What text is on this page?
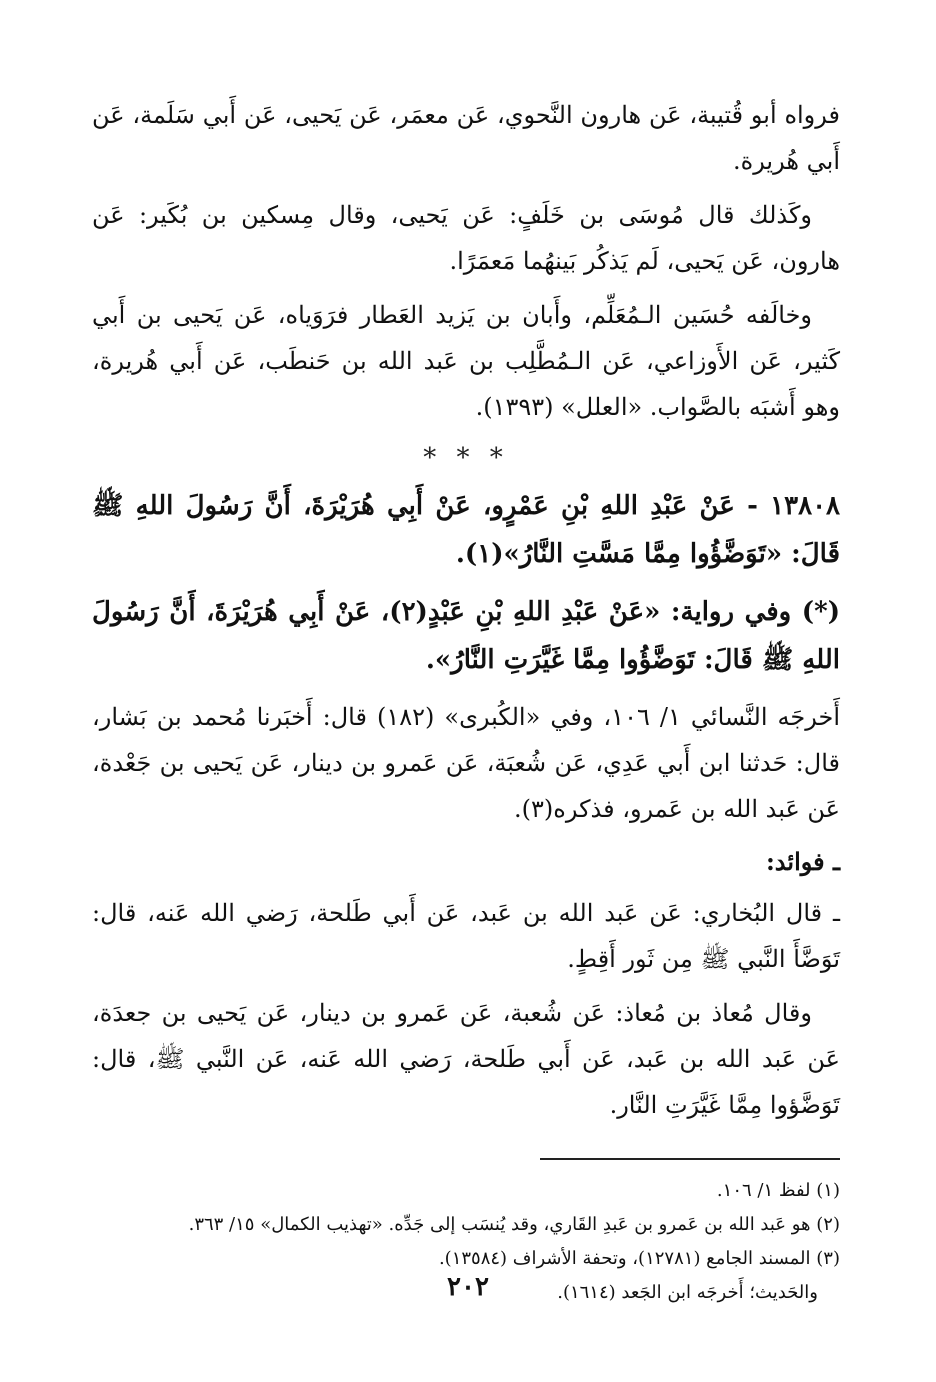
فرواه أبو قُتيبة، عَن هارون النَّحوي، عَن معمَر، عَن يَحيى، عَن أَبي سَلَمة، عَن أَبي هُريرة.

وكَذلك قال مُوسَى بن خَلَفٍ: عَن يَحيى، وقال مِسكين بن بُكَير: عَن هارون، عَن يَحيى، لَم يَذكُر بَينهُما مَعمَرًا.

وخالَفه حُسَين الـمُعَلِّم، وأَبان بن يَزيد العَطار فرَوَياه، عَن يَحيى بن أَبي كَثير، عَن الأَوزاعي، عَن الـمُطَّلِب بن عَبد الله بن حَنطَب، عَن أَبي هُريرة، وهو أَشبَه بالصَّواب. «العلل» (١٣٩٣).

* * *

١٣٨٠٨ - عَنْ عَبْدِ اللهِ بْنِ عَمْرٍو، عَنْ أَبِي هُرَيْرَةَ، أَنَّ رَسُولَ اللهِ ﷺ قَالَ: «تَوَضَّؤُوا مِمَّا مَسَّتِ النَّارُ»(١).

(*) وفي رواية: «عَنْ عَبْدِ اللهِ بْنِ عَبْدٍ(٢)، عَنْ أَبِي هُرَيْرَةَ، أَنَّ رَسُولَ اللهِ ﷺ قَالَ: تَوَضَّؤُوا مِمَّا غَيَّرَتِ النَّارُ».

أَخرجَه النَّسائي ١/ ١٠٦، وفي «الكُبرى» (١٨٢) قال: أَخبَرنا مُحمد بن بَشار، قال: حَدثنا ابن أَبي عَدِي، عَن شُعبَة، عَن عَمرو بن دينار، عَن يَحيى بن جَعْدة، عَن عَبد الله بن عَمرو، فذكره(٣).

ـ فوائد:

ـ قال البُخاري: عَن عَبد الله بن عَبد، عَن أَبي طَلحة، رَضي الله عَنه، قال: تَوَضَّأَ النَّبي ﷺ مِن ثَور أَقِطٍ.

وقال مُعاذ بن مُعاذ: عَن شُعبة، عَن عَمرو بن دينار، عَن يَحيى بن جعدَة، عَن عَبد الله بن عَبد، عَن أَبي طَلحة، رَضي الله عَنه، عَن النَّبي ﷺ، قال: تَوَضَّؤوا مِمَّا غَيَّرَتِ النَّار.

(١) لفظ ١/ ١٠٦.

(٢) هو عَبد الله بن عَمرو بن عَبدِ القَاري، وقد يُنسَب إلى جَدِّه. «تهذيب الكمال» ١٥/ ٣٦٣.

(٣) المسند الجامع (١٢٧٨١)، وتحفة الأشراف (١٣٥٨٤).

والحَديث؛ أَخرجَه ابن الجَعد (١٦١٤).

٢٠٢
